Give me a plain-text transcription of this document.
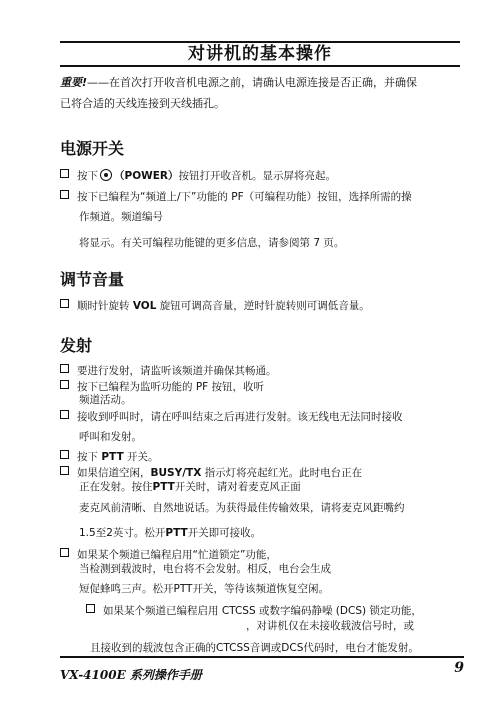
对讲机的基本操作
重要!——在首次打开收音机电源之前，请确认电源连接是否正确，并确保
已将合适的天线连接到天线插孔。
电源开关
按下 （POWER）按钮打开收音机。显示屏将亮起。
按下已编程为“频道上/下”功能的 PF（可编程功能）按钮，选择所需的操
作频道。频道编号
将显示。有关可编程功能键的更多信息，请参阅第 7 页。
调节音量
顺时针旋转 VOL 旋钮可调高音量，逆时针旋转则可调低音量。
发射
要进行发射，请监听该频道并确保其畅通。
按下已编程为监听功能的 PF 按钮，收听
频道活动。
接收到呼叫时，请在呼叫结束之后再进行发射。该无线电无法同时接收
呼叫和发射。
按下 PTT 开关。
如果信道空闲，BUSY/TX 指示灯将亮起红光。此时电台正在
正在发射。按住PTT开关时，请对着麦克风正面
麦克风前清晰、自然地说话。为获得最佳传输效果，请将麦克风距嘴约
1.5至2英寸。松开PTT开关即可接收。
如果某个频道已编程启用“忙道锁定”功能，
当检测到载波时，电台将不会发射。相反，电台会生成
短促蜂鸣三声。松开PTT开关，等待该频道恢复空闲。
如果某个频道已编程启用 CTCSS 或数字编码静噪 (DCS) 锁定功能，
，对讲机仅在未接收载波信号时，或
且接收到的载波包含正确的CTCSS音调或DCS代码时，电台才能发射。
VX-4100E 系列操作手册	9
